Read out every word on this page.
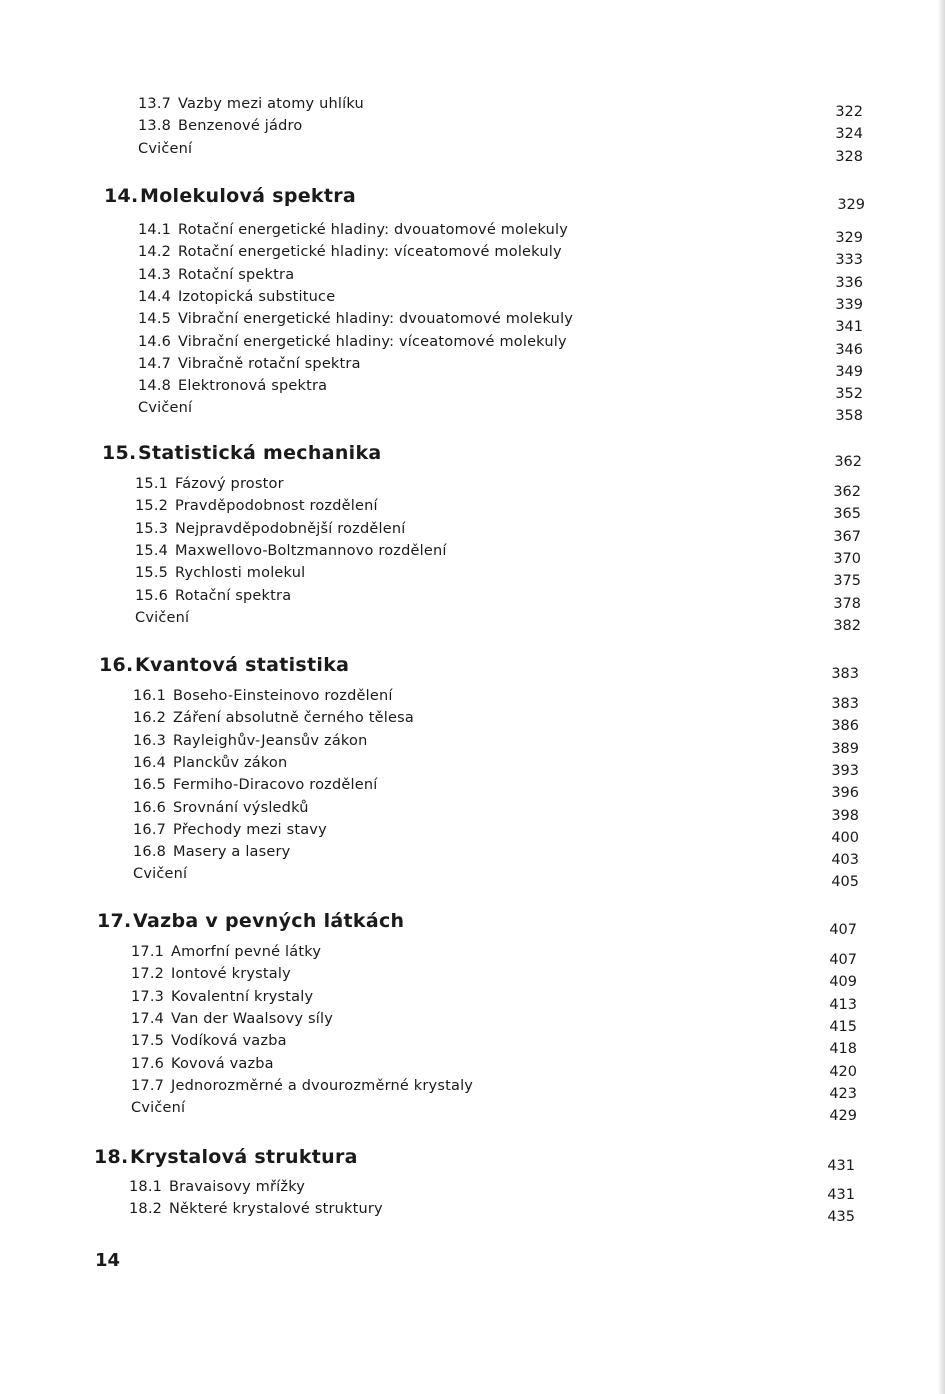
13.7 Vazby mezi atomy uhlíku	322
13.8 Benzenové jádro	324
Cvičení	328
14. Molekulová spektra	329
14.1 Rotační energetické hladiny: dvouatomové molekuly	329
14.2 Rotační energetické hladiny: víceatomové molekuly	333
14.3 Rotační spektra	336
14.4 Izotopická substituce	339
14.5 Vibrační energetické hladiny: dvouatomové molekuly	341
14.6 Vibrační energetické hladiny: víceatomové molekuly	346
14.7 Vibračně rotační spektra	349
14.8 Elektronová spektra	352
Cvičení	358
15. Statistická mechanika	362
15.1 Fázový prostor	362
15.2 Pravděpodobnost rozdělení	365
15.3 Nejpravděpodobnější rozdělení	367
15.4 Maxwellovo-Boltzmannovo rozdělení	370
15.5 Rychlosti molekul	375
15.6 Rotační spektra	378
Cvičení	382
16. Kvantová statistika	383
16.1 Boseho-Einsteinovo rozdělení	383
16.2 Záření absolutně černého tělesa	386
16.3 Rayleighův-Jeansův zákon	389
16.4 Planckův zákon	393
16.5 Fermiho-Diracovo rozdělení	396
16.6 Srovnání výsledků	398
16.7 Přechody mezi stavy	400
16.8 Masery a lasery	403
Cvičení	405
17. Vazba v pevných látkách	407
17.1 Amorfní pevné látky	407
17.2 Iontové krystaly	409
17.3 Kovalentní krystaly	413
17.4 Van der Waalsovy síly	415
17.5 Vodíková vazba	418
17.6 Kovová vazba	420
17.7 Jednorozměrné a dvourozměrné krystaly	423
Cvičení	429
18. Krystalová struktura	431
18.1 Bravaisovy mřížky	431
18.2 Některé krystalové struktury	435
14
